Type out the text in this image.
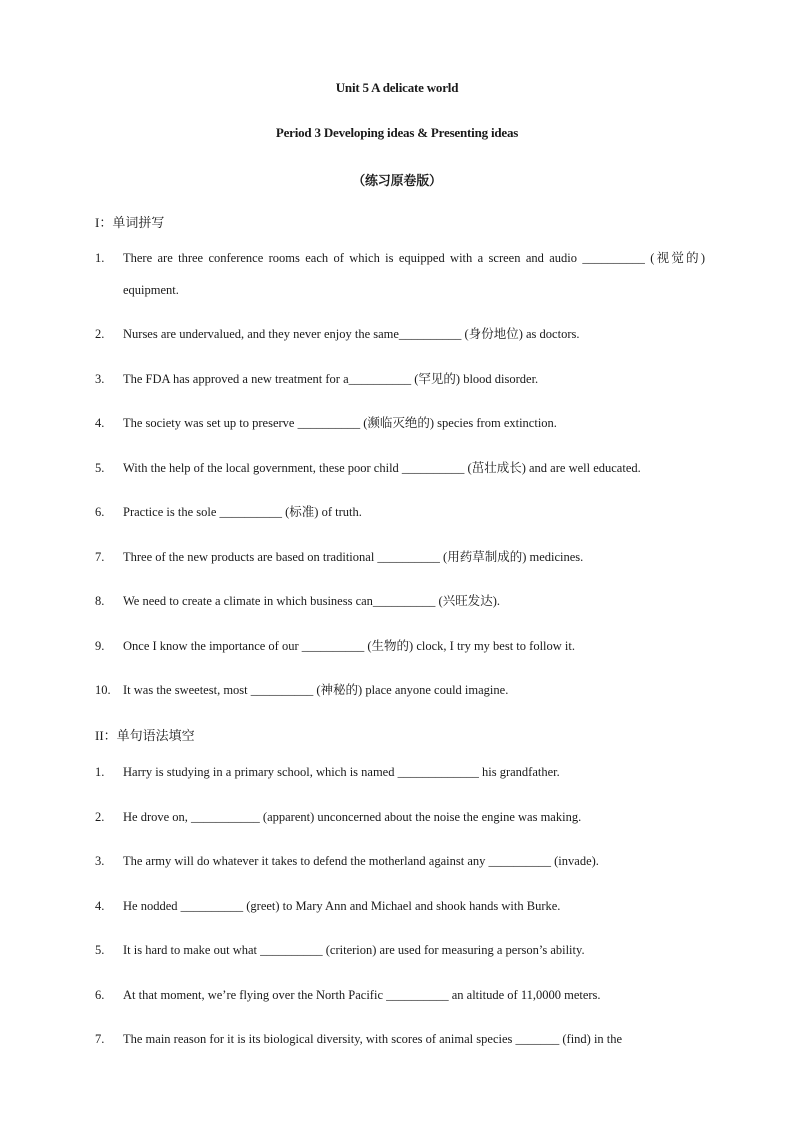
Unit 5 A delicate world
Period 3 Developing ideas & Presenting ideas
（练习原卷版）
I：单词拼写
1. There are three conference rooms each of which is equipped with a screen and audio __________ (视觉的) equipment.
2. Nurses are undervalued, and they never enjoy the same__________ (身份地位) as doctors.
3. The FDA has approved a new treatment for a__________ (罕见的) blood disorder.
4. The society was set up to preserve __________ (濒临灭绝的) species from extinction.
5. With the help of the local government, these poor child __________ (茁壮成长) and are well educated.
6. Practice is the sole __________ (标准) of truth.
7. Three of the new products are based on traditional __________ (用药草制成的) medicines.
8. We need to create a climate in which business can__________ (兴旺发达).
9. Once I know the importance of our __________ (生物的) clock, I try my best to follow it.
10. It was the sweetest, most __________ (神秘的) place anyone could imagine.
II：单句语法填空
1. Harry is studying in a primary school, which is named _____________ his grandfather.
2. He drove on, ___________ (apparent) unconcerned about the noise the engine was making.
3. The army will do whatever it takes to defend the motherland against any __________ (invade).
4. He nodded __________ (greet) to Mary Ann and Michael and shook hands with Burke.
5. It is hard to make out what __________ (criterion) are used for measuring a person’s ability.
6. At that moment, we’re flying over the North Pacific __________ an altitude of 11,0000 meters.
7. The main reason for it is its biological diversity, with scores of animal species _______ (find) in the
